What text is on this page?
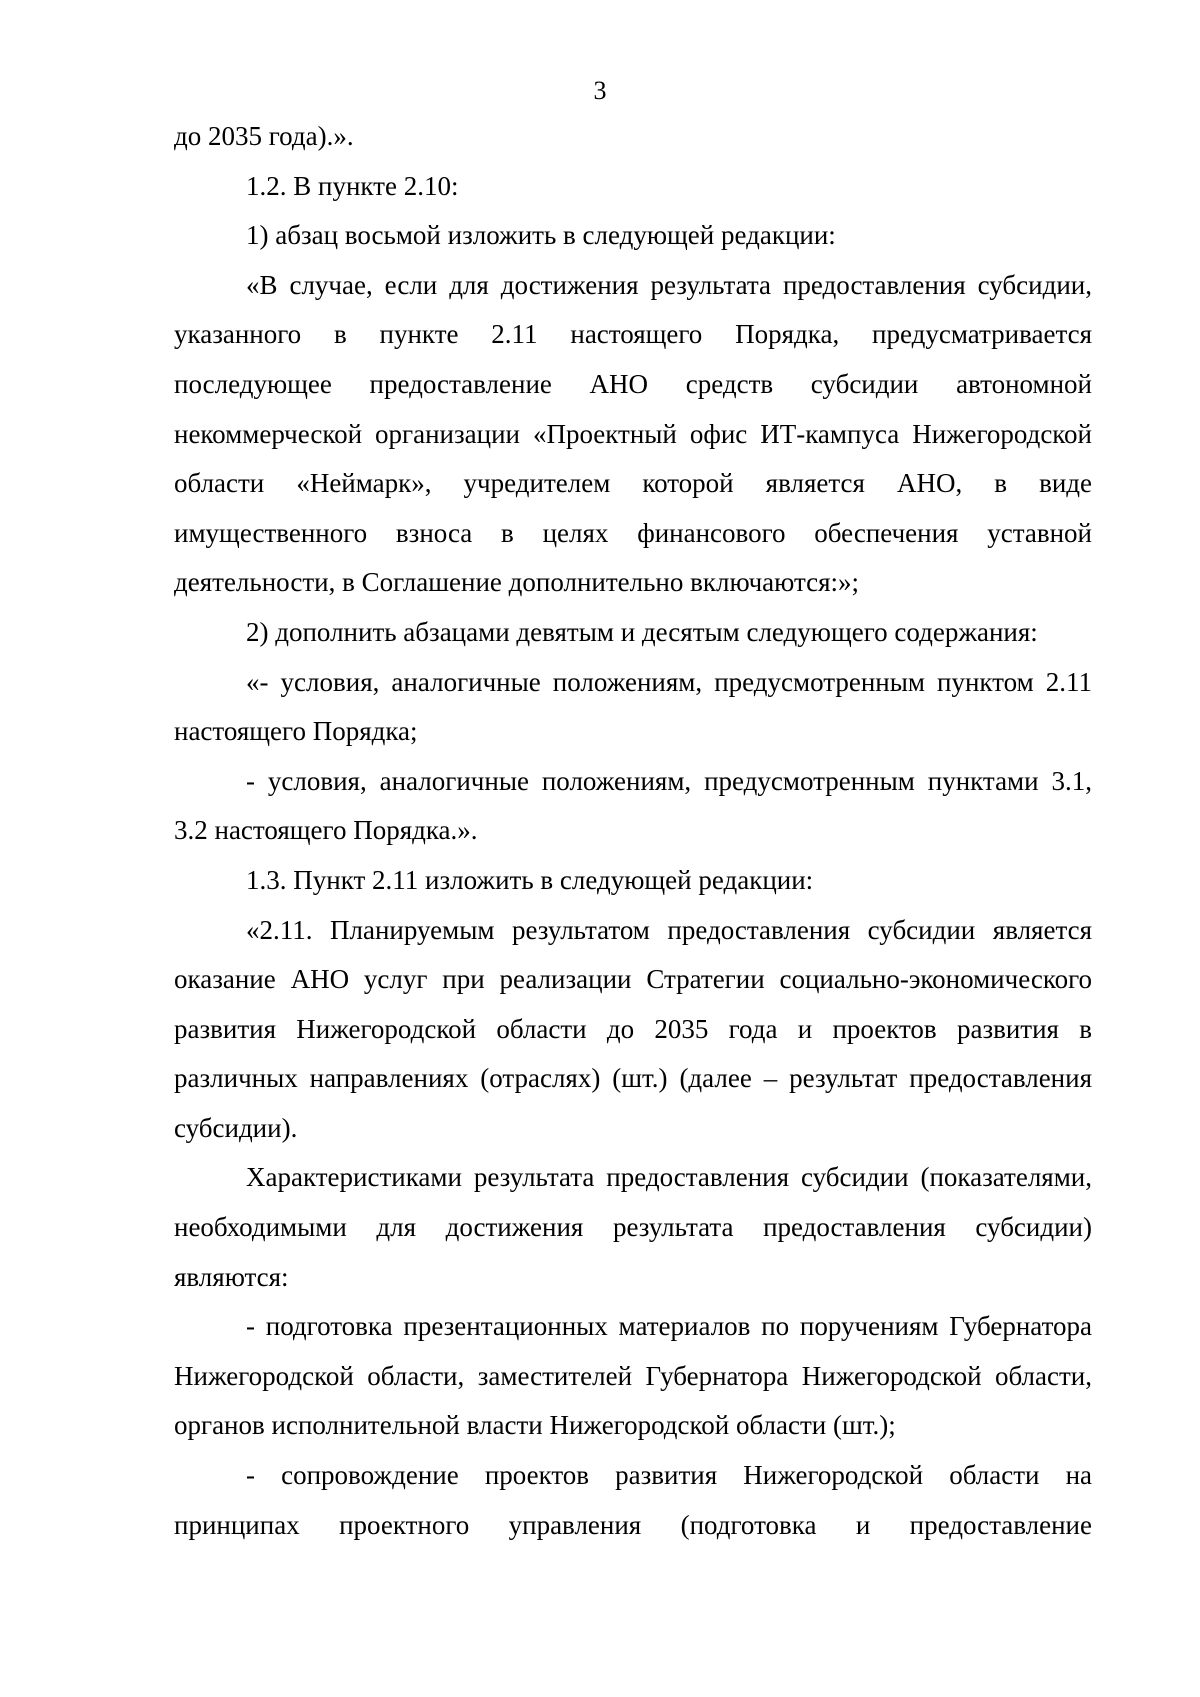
3

до 2035 года).».

1.2. В пункте 2.10:

1) абзац восьмой изложить в следующей редакции:

«В случае, если для достижения результата предоставления субсидии, указанного в пункте 2.11 настоящего Порядка, предусматривается последующее предоставление АНО средств субсидии автономной некоммерческой организации «Проектный офис ИТ-кампуса Нижегородской области «Неймарк», учредителем которой является АНО, в виде имущественного взноса в целях финансового обеспечения уставной деятельности, в Соглашение дополнительно включаются:»;

2) дополнить абзацами девятым и десятым следующего содержания:

«- условия, аналогичные положениям, предусмотренным пунктом 2.11 настоящего Порядка;

- условия, аналогичные положениям, предусмотренным пунктами 3.1, 3.2 настоящего Порядка.».

1.3. Пункт 2.11 изложить в следующей редакции:

«2.11. Планируемым результатом предоставления субсидии является оказание АНО услуг при реализации Стратегии социально-экономического развития Нижегородской области до 2035 года и проектов развития в различных направлениях (отраслях) (шт.) (далее – результат предоставления субсидии).

Характеристиками результата предоставления субсидии (показателями, необходимыми для достижения результата предоставления субсидии) являются:

- подготовка презентационных материалов по поручениям Губернатора Нижегородской области, заместителей Губернатора Нижегородской области, органов исполнительной власти Нижегородской области (шт.);

- сопровождение проектов развития Нижегородской области на принципах проектного управления (подготовка и предоставление
